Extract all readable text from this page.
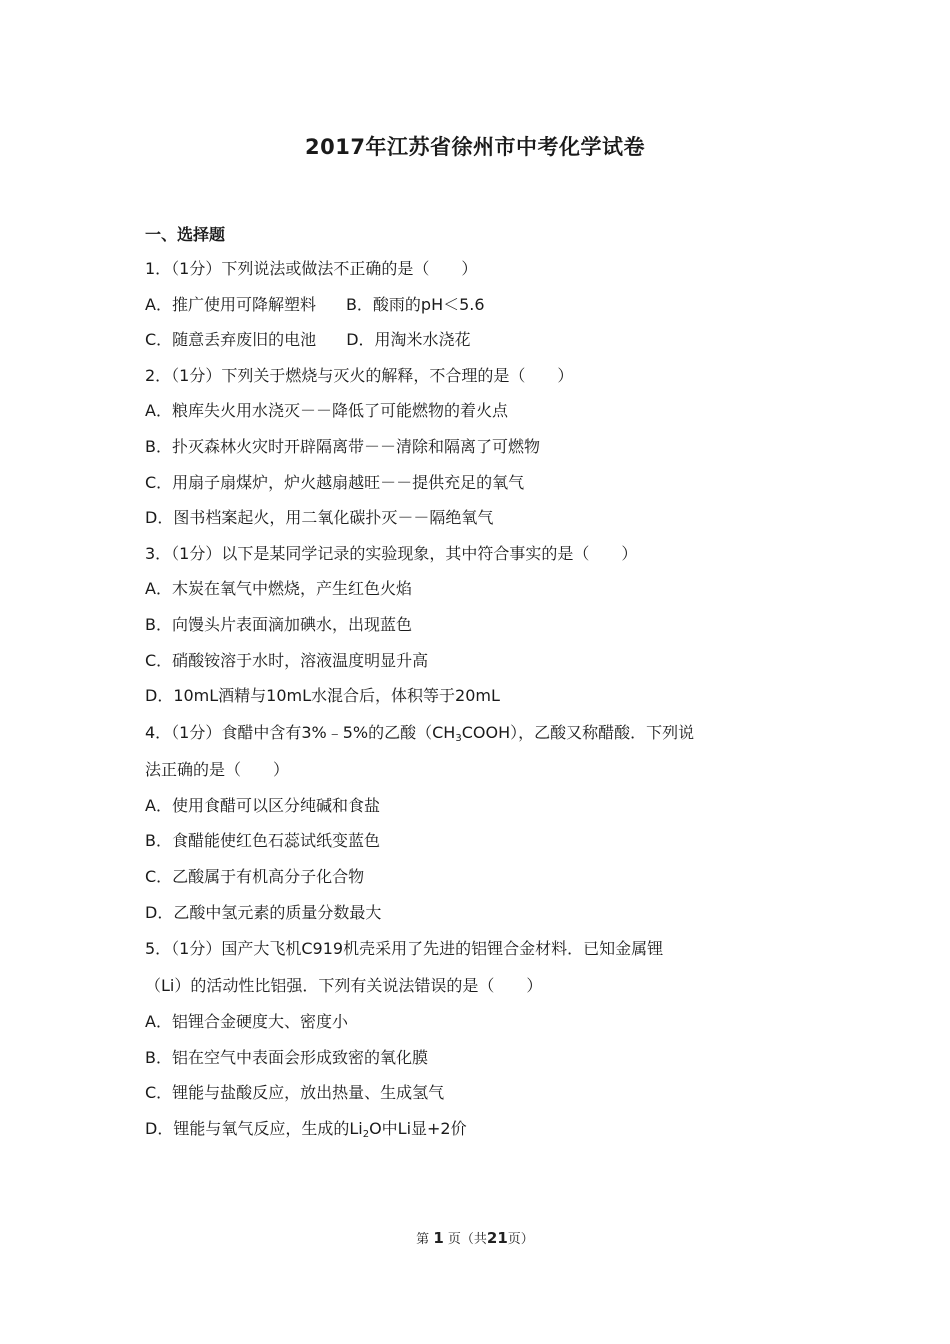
2017年江苏省徐州市中考化学试卷
一、选择题
1．（1分）下列说法或做法不正确的是（　　）
A．推广使用可降解塑料 B．酸雨的pH＜5.6
C．随意丢弃废旧的电池 D．用淘米水浇花
2．（1分）下列关于燃烧与灭火的解释，不合理的是（　　）
A．粮库失火用水浇灭－－降低了可能燃物的着火点
B．扑灭森林火灾时开辟隔离带－－清除和隔离了可燃物
C．用扇子扇煤炉，炉火越扇越旺－－提供充足的氧气
D．图书档案起火，用二氧化碳扑灭－－隔绝氧气
3．（1分）以下是某同学记录的实验现象，其中符合事实的是（　　）
A．木炭在氧气中燃烧，产生红色火焰
B．向馒头片表面滴加碘水，出现蓝色
C．硝酸铵溶于水时，溶液温度明显升高
D．10mL酒精与10mL水混合后，体积等于20mL
4．（1分）食醋中含有3%﹣5%的乙酸$(CH_3COOH)$，乙酸又称醋酸．下列说
法正确的是（　　）
A．使用食醋可以区分纯碱和食盐
B．食醋能使红色石蕊试纸变蓝色
C．乙酸属于有机高分子化合物
D．乙酸中氢元素的质量分数最大
5．（1分）国产大飞机C919机壳采用了先进的铝锂合金材料．已知金属锂
（Li）的活动性比铝强．下列有关说法错误的是（　　）
A．铝锂合金硬度大、密度小
B．铝在空气中表面会形成致密的氧化膜
C．锂能与盐酸反应，放出热量、生成氢气
D．锂能与氧气反应，生成的$Li_2O$中Li显+2价
第 1 页（共21页）
